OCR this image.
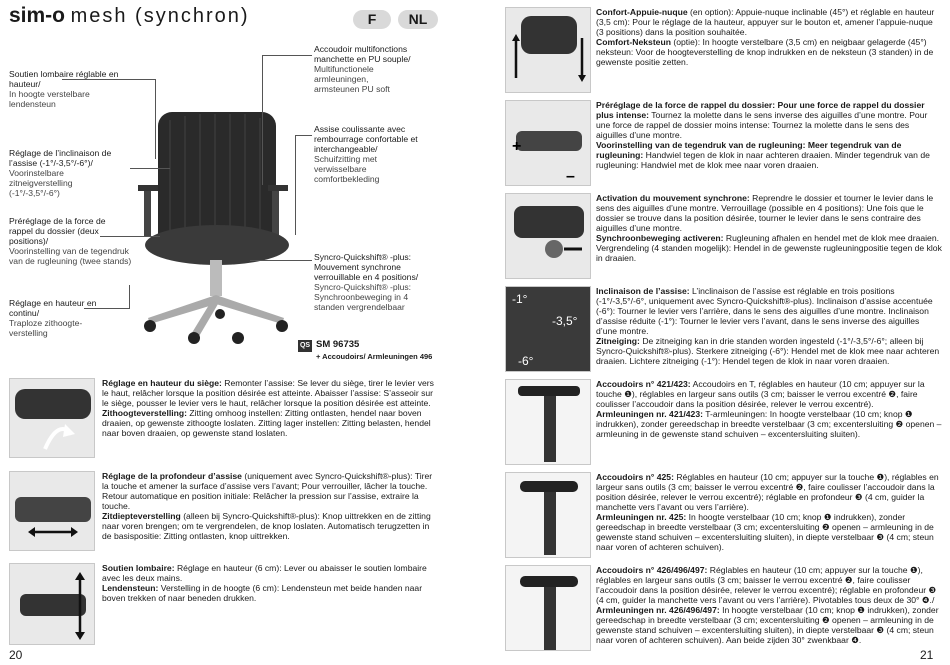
sim-o mesh (synchron)	F	NL
Soutien lombaire réglable en hauteur/
In hoogte verstelbare lendensteun
Réglage de l’inclinaison de l’assise (-1°/-3,5°/-6°)/
Voorinstelbare zitneigverstelling (-1°/-3,5°/-6°)
Préréglage de la force de rappel du dossier (deux positions)/
Voorinstelling van de tegendruk van de rugleuning (twee stands)
Réglage en hauteur en continu/
Traploze zithoogte-verstelling
Accoudoir multifonctions manchette en PU souple/
Multifunctionele armleuningen, armsteunen PU soft
Assise coulissante avec rembourrage confortable et interchangeable/
Schuifzitting met verwisselbare comfortbekleding
Syncro-Quickshift® -plus: Mouvement synchrone verrouillable en 4 positions/
Syncro-Quickshift® -plus: Synchroonbeweging in 4 standen vergrendelbaar
QS SM 96735
+ Accoudoirs/ Armleuningen 496

Réglage en hauteur du siège: Remonter l’assise: Se lever du siège, tirer le levier vers le haut, relâcher lorsque la position désirée est atteinte. Abaisser l’assise: S’asseoir sur le siège, pousser le levier vers le haut, relâcher lorsque la position désirée est atteinte.

Zithoogteverstelling: Zitting omhoog instellen: Zitting ontlasten, hendel naar boven draaien, op gewenste zithoogte loslaten. Zitting lager instellen: Zitting belasten, hendel naar boven draaien, op gewenste stand loslaten.

Réglage de la profondeur d’assise (uniquement avec Syncro-Quickshift®-plus): Tirer la touche et amener la surface d’assise vers l’avant; Pour verrouiller, lâcher la touche. Retour automatique en position initiale: Relâcher la pression sur l’assise, extraire la touche.

Zitdiepteverstelling (alleen bij Syncro-Quickshift®-plus): Knop uittrekken en de zitting naar voren brengen; om te vergrendelen, de knop loslaten. Automatisch terugzetten in de basispositie: Zitting ontlasten, knop uittrekken.

Soutien lombaire: Réglage en hauteur (6 cm): Lever ou abaisser le soutien lombaire avec les deux mains.

Lendensteun: Verstelling in de hoogte (6 cm): Lendensteun met beide handen naar boven trekken of naar beneden drukken.

20

Confort-Appuie-nuque (en option): Appuie-nuque inclinable (45°) et réglable en hauteur (3,5 cm): Pour le réglage de la hauteur, appuyer sur le bouton et, amener l’appuie-nuque (3 positions) dans la position souhaitée.

Comfort-Neksteun (optie): In hoogte verstelbare (3,5 cm) en neigbaar gelagerde (45°) neksteun: Voor de hoogteverstelling de knop indrukken en de neksteun (3 standen) in de gewenste positie zetten.

+
–

Préréglage de la force de rappel du dossier: Pour une force de rappel du dossier plus intense: Tournez la molette dans le sens inverse des aiguilles d’une montre. Pour une force de rappel de dossier moins intense: Tournez la molette dans le sens des aiguilles d’une montre.

Voorinstelling van de tegendruk van de rugleuning: Meer tegendruk van de rugleuning: Handwiel tegen de klok in naar achteren draaien. Minder tegendruk van de rugleuning: Handwiel met de klok mee naar voren draaien.

Activation du mouvement synchrone: Reprendre le dossier et tourner le levier dans le sens des aiguilles d’une montre. Verrouillage (possible en 4 positions): Une fois que le dossier se trouve dans la position désirée, tourner le levier dans le sens contraire des aiguilles d’une montre.

Synchroonbeweging activeren: Rugleuning afhalen en hendel met de klok mee draaien. Vergrendeling (4 standen mogelijk): Hendel in de gewenste rugleuningpositie tegen de klok in draaien.

-1°
-3,5°
-6°

Inclinaison de l’assise: L’inclinaison de l’assise est réglable en trois positions (-1°/-3,5°/-6°, uniquement avec Syncro-Quickshift®-plus). Inclinaison d’assise accentuée (-6°): Tourner le levier vers l’arrière, dans le sens des aiguilles d’une montre. Inclinaison d’assise réduite (-1°): Tourner le levier vers l’avant, dans le sens inverse des aiguilles d’une montre.

Zitneiging: De zitneiging kan in drie standen worden ingesteld (-1°/-3,5°/-6°; alleen bij Syncro-Quickshift®-plus). Sterkere zitneiging (-6°): Hendel met de klok mee naar achteren draaien. Lichtere zitneiging (-1°): Hendel tegen de klok in naar voren draaien.

Accoudoirs n° 421/423: Accoudoirs en T, réglables en hauteur (10 cm; appuyer sur la touche ❶), réglables en largeur sans outils (3 cm; baisser le verrou excentré ❷, faire coulisser l’accoudoir dans la position désirée, relever le verrou excentré).

Armleuningen nr. 421/423: T-armleuningen: In hoogte verstelbaar (10 cm; knop ❶ indrukken), zonder gereedschap in breedte verstelbaar (3 cm; excentersluiting ❷ openen – armleuning in de gewenste stand schuiven – excentersluiting sluiten).

Accoudoirs n° 425: Réglables en hauteur (10 cm; appuyer sur la touche ❶), réglables en largeur sans outils (3 cm; baisser le verrou excentré ❷, faire coulisser l’accoudoir dans la position désirée, relever le verrou excentré); réglable en profondeur ❸ (4 cm, guider la manchette vers l’avant ou vers l’arrière).

Armleuningen nr. 425: In hoogte verstelbaar (10 cm; knop ❶ indrukken), zonder gereedschap in breedte verstelbaar (3 cm; excentersluiting ❷ openen – armleuning in de gewenste stand schuiven – excentersluiting sluiten), in diepte verstelbaar ❸ (4 cm; steun naar voren of achteren schuiven).

Accoudoirs n° 426/496/497: Réglables en hauteur (10 cm; appuyer sur la touche ❶), réglables en largeur sans outils (3 cm; baisser le verrou excentré ❷, faire coulisser l’accoudoir dans la position désirée, relever le verrou excentré); réglable en profondeur ❸ (4 cm, guider la manchette vers l’avant ou vers l’arrière). Pivotables tous deux de 30° ❹./

Armleuningen nr. 426/496/497: In hoogte verstelbaar (10 cm; knop ❶ indrukken), zonder gereedschap in breedte verstelbaar (3 cm; excentersluiting ❷ openen – armleuning in de gewenste stand schuiven – excentersluiting sluiten), in diepte verstelbaar ❸ (4 cm; steun naar voren of achteren schuiven). Aan beide zijden 30° zwenkbaar ❹.

21
